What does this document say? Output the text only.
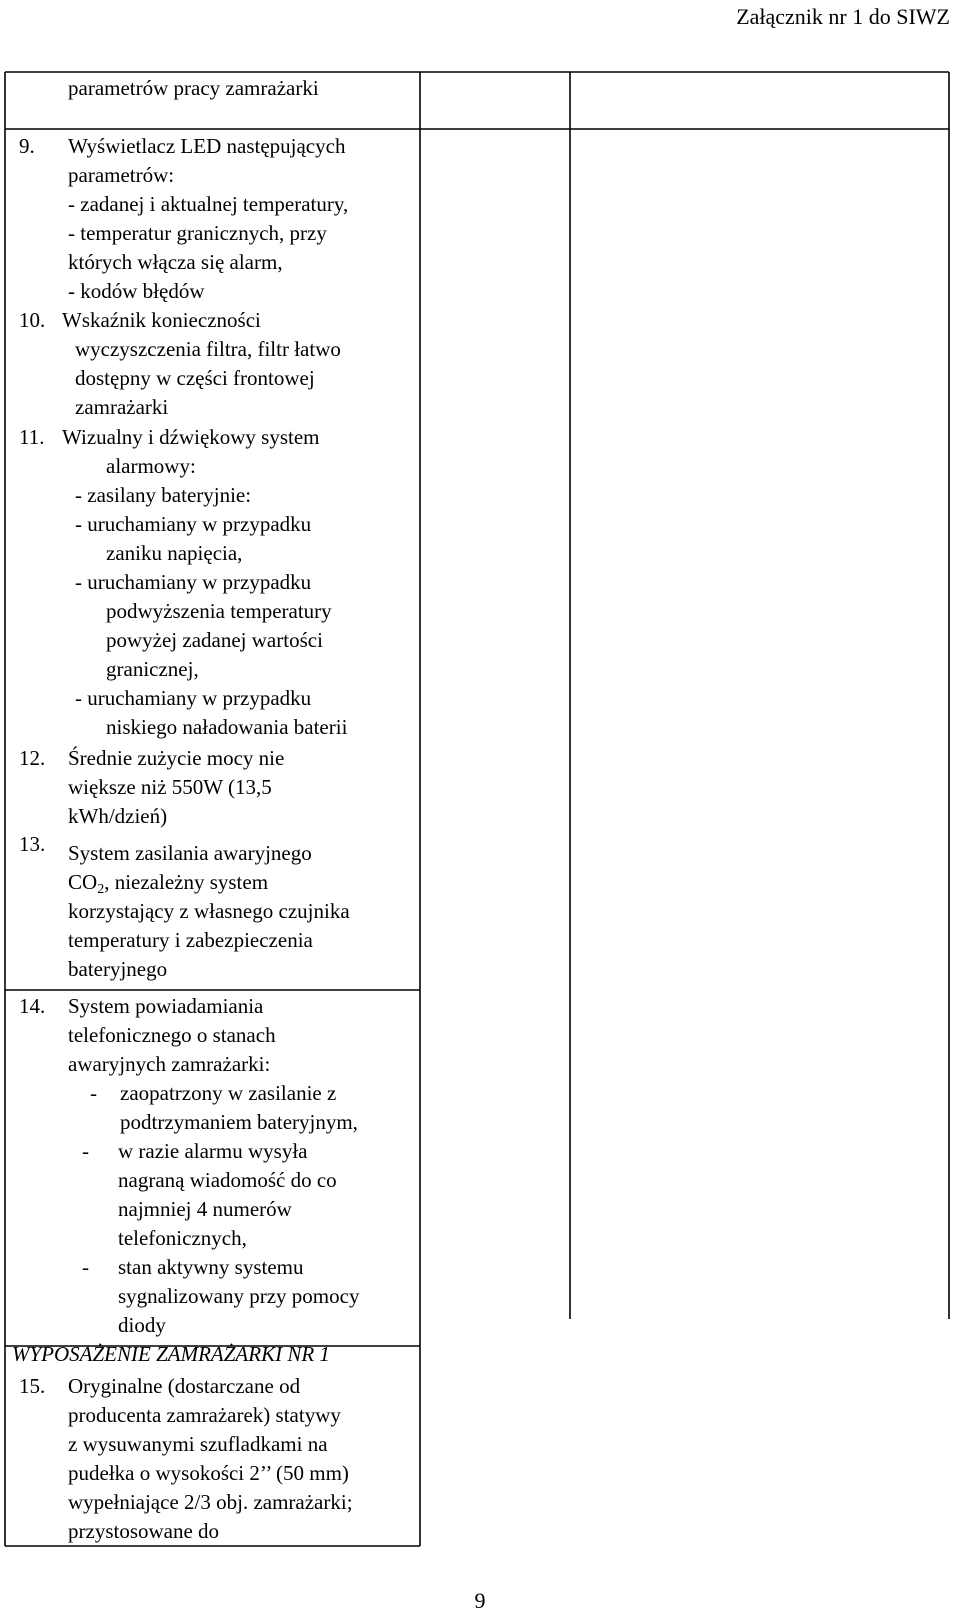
Załącznik nr 1 do SIWZ
parametrów pracy zamrażarki
9. Wyświetlacz LED następujących
parametrów:
- zadanej i aktualnej temperatury,
- temperatur granicznych, przy
których włącza się alarm,
- kodów błędów
10. Wskaźnik konieczności
wyczyszczenia filtra, filtr łatwo
dostępny w części frontowej
zamrażarki
11. Wizualny i dźwiękowy system
alarmowy:
- zasilany bateryjnie:
- uruchamiany w przypadku
zaniku napięcia,
- uruchamiany w przypadku
podwyższenia temperatury
powyżej zadanej wartości
granicznej,
- uruchamiany w przypadku
niskiego naładowania baterii
12. Średnie zużycie mocy nie
większe niż 550W (13,5
kWh/dzień)
13. System zasilania awaryjnego
$CO_2$, niezależny system
korzystający z własnego czujnika
temperatury i zabezpieczenia
bateryjnego
14. System powiadamiania
telefonicznego o stanach
awaryjnych zamrażarki:
- zaopatrzony w zasilanie z
podtrzymaniem bateryjnym,
- w razie alarmu wysyła
nagraną wiadomość do co
najmniej 4 numerów
telefonicznych,
- stan aktywny systemu
sygnalizowany przy pomocy
diody
WYPOSAŻENIE ZAMRAŻARKI NR 1
15. Oryginalne (dostarczane od
producenta zamrażarek) statywy
z wysuwanymi szufladkami na
pudełka o wysokości 2’’ (50 mm)
wypełniające 2/3 obj. zamrażarki;
przystosowane do
9
